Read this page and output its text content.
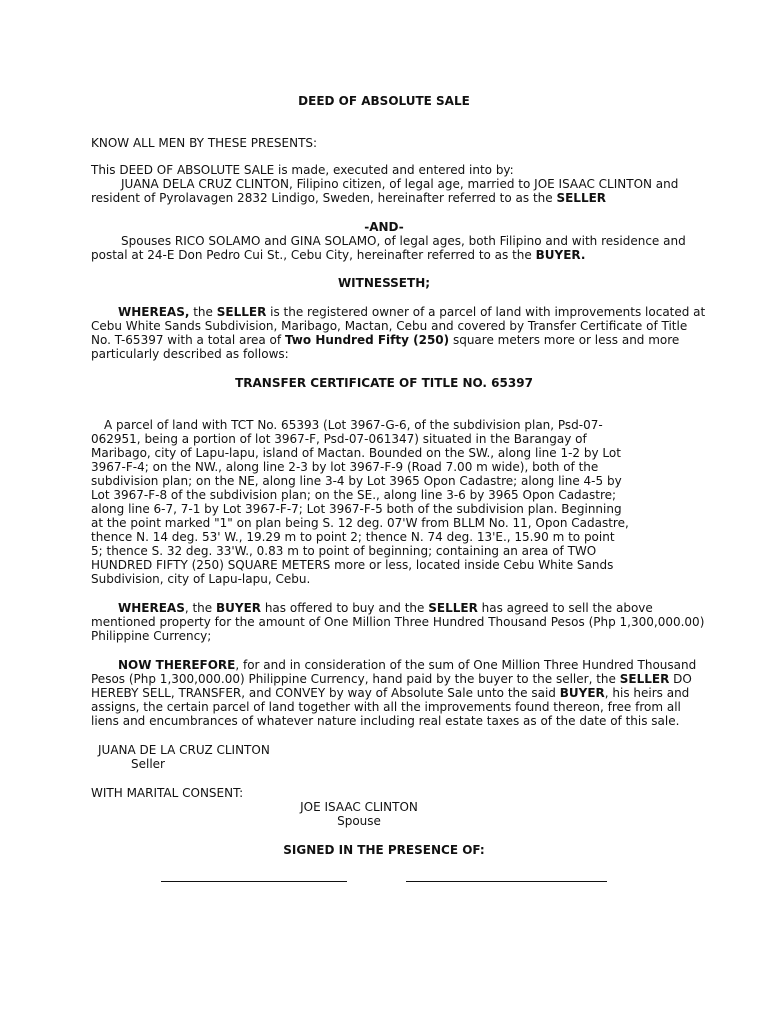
DEED OF ABSOLUTE SALE
KNOW ALL MEN BY THESE PRESENTS:
This DEED OF ABSOLUTE SALE is made, executed and entered into by:
JUANA DELA CRUZ CLINTON, Filipino citizen, of legal age, married to JOE ISAAC CLINTON and
resident of Pyrolavagen 2832 Lindigo, Sweden, hereinafter referred to as the SELLER
-AND-
Spouses RICO SOLAMO and GINA SOLAMO, of legal ages, both Filipino and with residence and
postal at 24-E Don Pedro Cui St., Cebu City, hereinafter referred to as the BUYER.
WITNESSETH;
WHEREAS, the SELLER is the registered owner of a parcel of land with improvements located at
Cebu White Sands Subdivision, Maribago, Mactan, Cebu and covered by Transfer Certificate of Title
No. T-65397 with a total area of Two Hundred Fifty (250) square meters more or less and more
particularly described as follows:
TRANSFER CERTIFICATE OF TITLE NO. 65397
A parcel of land with TCT No. 65393 (Lot 3967-G-6, of the subdivision plan, Psd-07-
062951, being a portion of lot 3967-F, Psd-07-061347) situated in the Barangay of
Maribago, city of Lapu-lapu, island of Mactan. Bounded on the SW., along line 1-2 by Lot
3967-F-4; on the NW., along line 2-3 by lot 3967-F-9 (Road 7.00 m wide), both of the
subdivision plan; on the NE, along line 3-4 by Lot 3965 Opon Cadastre; along line 4-5 by
Lot 3967-F-8 of the subdivision plan; on the SE., along line 3-6 by 3965 Opon Cadastre;
along line 6-7, 7-1 by Lot 3967-F-7; Lot 3967-F-5 both of the subdivision plan. Beginning
at the point marked "1" on plan being S. 12 deg. 07'W from BLLM No. 11, Opon Cadastre,
thence N. 14 deg. 53' W., 19.29 m to point 2; thence N. 74 deg. 13'E., 15.90 m to point
5; thence S. 32 deg. 33'W., 0.83 m to point of beginning; containing an area of TWO
HUNDRED FIFTY (250) SQUARE METERS more or less, located inside Cebu White Sands
Subdivision, city of Lapu-lapu, Cebu.
WHEREAS, the BUYER has offered to buy and the SELLER has agreed to sell the above
mentioned property for the amount of One Million Three Hundred Thousand Pesos (Php 1,300,000.00)
Philippine Currency;
NOW THEREFORE, for and in consideration of the sum of One Million Three Hundred Thousand
Pesos (Php 1,300,000.00) Philippine Currency, hand paid by the buyer to the seller, the SELLER DO
HEREBY SELL, TRANSFER, and CONVEY by way of Absolute Sale unto the said BUYER, his heirs and
assigns, the certain parcel of land together with all the improvements found thereon, free from all
liens and encumbrances of whatever nature including real estate taxes as of the date of this sale.
JUANA DE LA CRUZ CLINTON
Seller
WITH MARITAL CONSENT:
JOE ISAAC CLINTON
Spouse
SIGNED IN THE PRESENCE OF:
